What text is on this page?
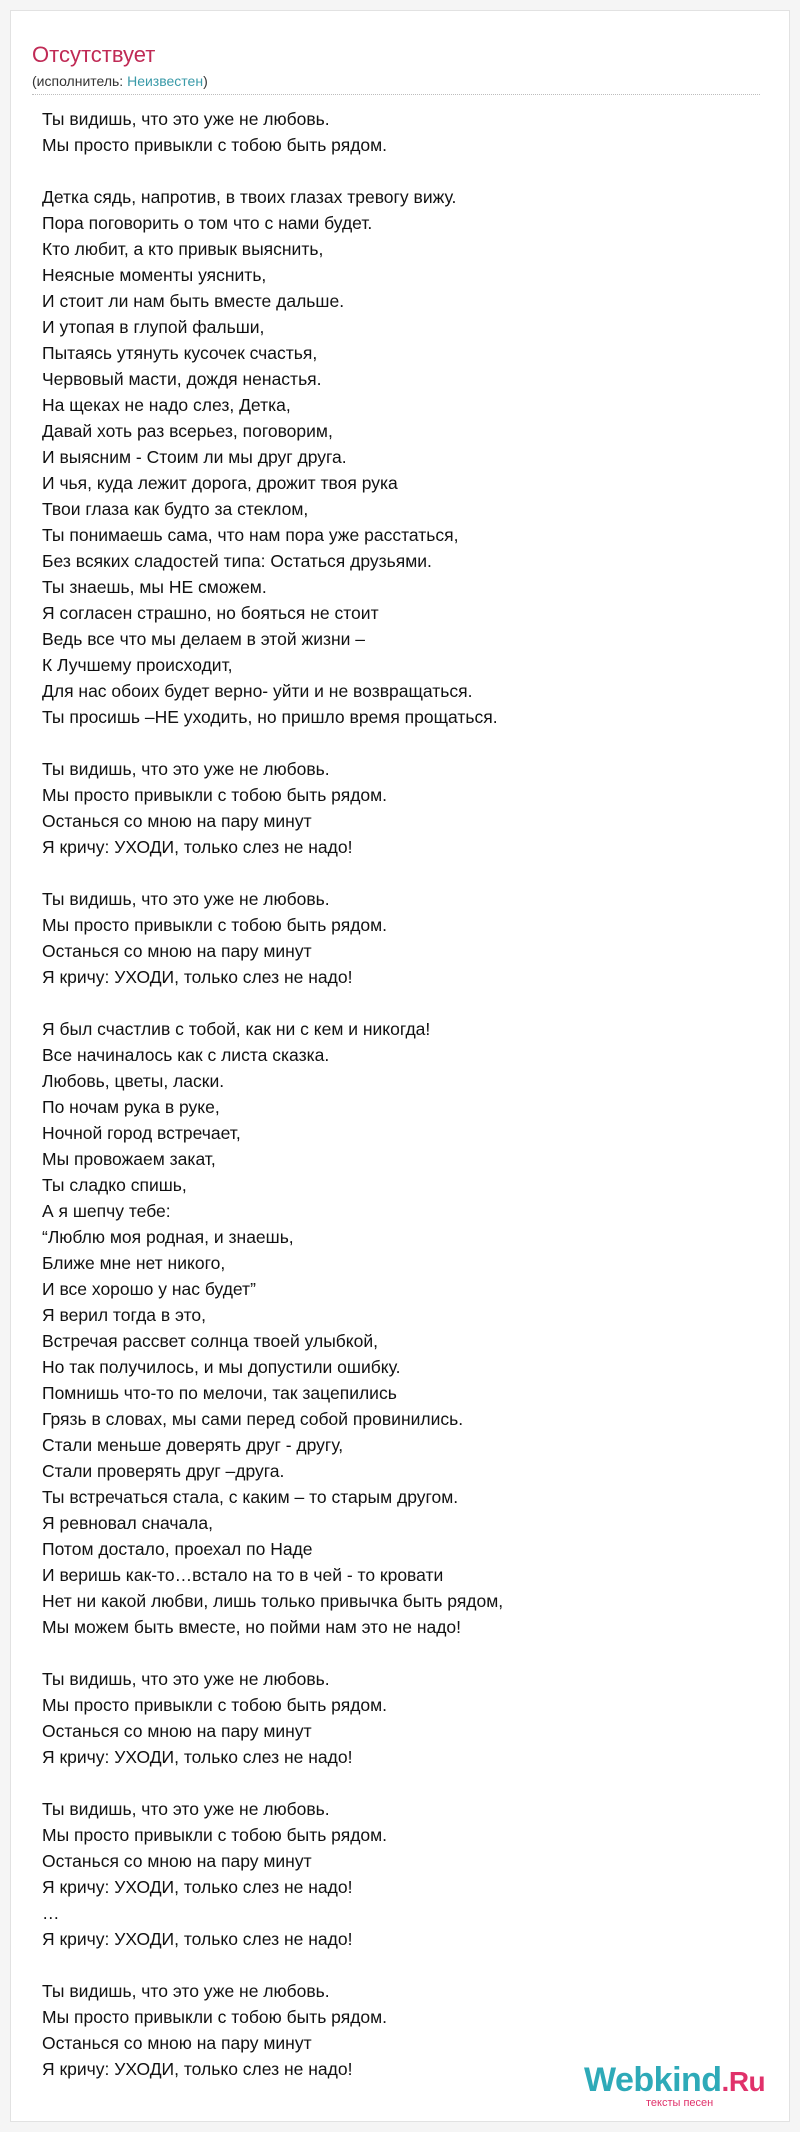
Отсутствует
(исполнитель: Неизвестен)
Ты видишь, что это уже не любовь.
Мы просто привыкли с тобою быть рядом.
Детка сядь, напротив, в твоих глазах тревогу вижу.
Пора поговорить о том что с нами будет.
Кто любит, а кто привык выяснить,
Неясные моменты уяснить,
И стоит ли нам быть вместе дальше.
И утопая в глупой фальши,
Пытаясь утянуть кусочек счастья,
Червовый масти, дождя ненастья.
На щеках не надо слез, Детка,
Давай хоть раз всерьез, поговорим,
И выясним - Стоим ли мы друг друга.
И чья, куда лежит дорога, дрожит твоя рука
Твои глаза как будто за стеклом,
Ты понимаешь сама, что нам пора уже расстаться,
Без всяких сладостей типа: Остаться друзьями.
Ты знаешь, мы НЕ сможем.
Я согласен страшно, но бояться не стоит
Ведь все что мы делаем в этой жизни –
К Лучшему происходит,
Для нас обоих будет верно- уйти и не возвращаться.
Ты просишь –НЕ уходить, но пришло время прощаться.
Ты видишь, что это уже не любовь.
Мы просто привыкли с тобою быть рядом.
Останься со мною на пару минут
Я кричу: УХОДИ, только слез не надо!
Ты видишь, что это уже не любовь.
Мы просто привыкли с тобою быть рядом.
Останься со мною на пару минут
Я кричу: УХОДИ, только слез не надо!
Я был счастлив с тобой, как ни с кем и никогда!
Все начиналось как с листа сказка.
Любовь, цветы, ласки.
По ночам рука в руке,
Ночной город встречает,
Мы провожаем закат,
Ты сладко спишь,
А я шепчу тебе:
“Люблю моя родная, и знаешь,
Ближе мне нет никого,
И все хорошо у нас будет”
Я верил тогда в это,
Встречая рассвет солнца твоей улыбкой,
Но так получилось, и мы допустили ошибку.
Помнишь что-то по мелочи, так зацепились
Грязь в словах, мы сами перед собой провинились.
Стали меньше доверять друг - другу,
Стали проверять друг –друга.
Ты встречаться стала, с каким – то старым другом.
Я ревновал сначала,
Потом достало, проехал по Наде
И веришь как-то…встало на то в чей - то кровати
Нет ни какой любви, лишь только привычка быть рядом,
Мы можем быть вместе, но пойми нам это не надо!
Ты видишь, что это уже не любовь.
Мы просто привыкли с тобою быть рядом.
Останься со мною на пару минут
Я кричу: УХОДИ, только слез не надо!
Ты видишь, что это уже не любовь.
Мы просто привыкли с тобою быть рядом.
Останься со мною на пару минут
Я кричу: УХОДИ, только слез не надо!
…
Я кричу: УХОДИ, только слез не надо!
Ты видишь, что это уже не любовь.
Мы просто привыкли с тобою быть рядом.
Останься со мною на пару минут
Я кричу: УХОДИ, только слез не надо!	Webkind.Ru
тексты песен
